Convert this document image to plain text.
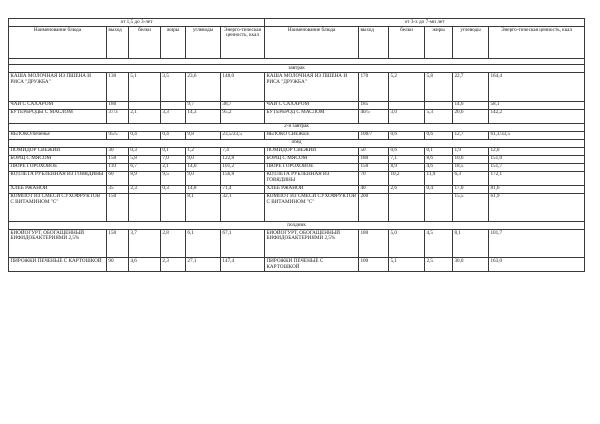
от 1,5 до 3-лет						от 3-х до 7-ми лет					
Наименование блюда	выход	белки	жиры	углеводы	Энерго-тическая ценность, ккал	Наименование блюда	выход	белки	жиры	углеводы	Энерго-тическая ценность, ккал

завтрак											
КАША МОЛОЧНАЯ ИЗ ПШЕНА И РИСА "ДРУЖБА"	130	5,1	3,5	23,6	148,0	КАША МОЛОЧНАЯ ИЗ ПШЕНА И РИСА "ДРУЖБА"	170	5,2	5,8	22,7	164,4
ЧАЙ С САХАРОМ	180			9,7	38,7	ЧАЙ С САХАРОМ	185			14,6	58,1
БУТЕРБРОДЫ С МАСЛОМ	37/3	2,1	3,3	14,3	95,2	БУТЕРБРОД С МАСЛОМ	40/5	3,0	5,3	20,6	142,2
2-й завтрак											
ЯБЛОКО/печенье	95/5	0,4	0,4	9,8	23,5/23,5	ЯБЛОКО СВЕЖЕЕ	100/7	0,6	0,6	12,7	61,1/33,5
обед											
ПОМИДОР СВЕЖИЙ	30	0,3	0,1	1,2	7,4	ПОМИДОР СВЕЖИЙ	50	0,6	0,1	1,9	12,0
БОРЩ С МЯСОМ	150	5,8	7,0	9,0	122,8	БОРЩ С МЯСОМ	180	7,1	8,6	10,6	151,0
ПЮРЕ ГОРОХОВОЕ	110	6,7	2,1	14,0	101,2	ПЮРЕ ГОРОХОВОЕ	150	8,9	4,6	18,5	151,7
КОТЛЕТА РУБЛЕННАЯ ИЗ ГОВЯДИНЫ	60	8,9	9,5	9,0	156,8	КОТЛЕТА РУБЛЕННАЯ ИЗ ГОВЯДИНЫ	70	10,2	11,9	6,3	172,1
ХЛЕБ РЖАНОЙ	35	2,3	0,3	14,8	71,4	ХЛЕБ РЖАНОЙ	40	2,6	0,4	17,0	81,6
КОМПОТ ИЗ СМЕСИ СУХОФРУКТОВ С ВИТАМИНОМ "С"	150			8,1	32,1	КОМПОТ ИЗ СМЕСИ СУХОФРУКТОВ С ВИТАМИНОМ "С"	200			15,5	61,9
полдник											
БИОЙОГУРТ, ОБОГАЩЕННЫЙ БИФИДОБАКТЕРИЯМИ 2,5%	150	3,7	2,8	6,1	67,1	БИОЙОГУРТ, ОБОГАЩЕННЫЙ БИФИДОБАКТЕРИЯМИ 2,5%	180	5,0	4,5	8,1	101,7
ПИРОЖКИ ПЕЧЕНЫЕ С КАРТОШКОЙ	90	4,6	2,3	27,1	147,4	ПИРОЖКИ ПЕЧЕНЫЕ С КАРТОШКОЙ	100	5,1	2,5	30,0	163,0
